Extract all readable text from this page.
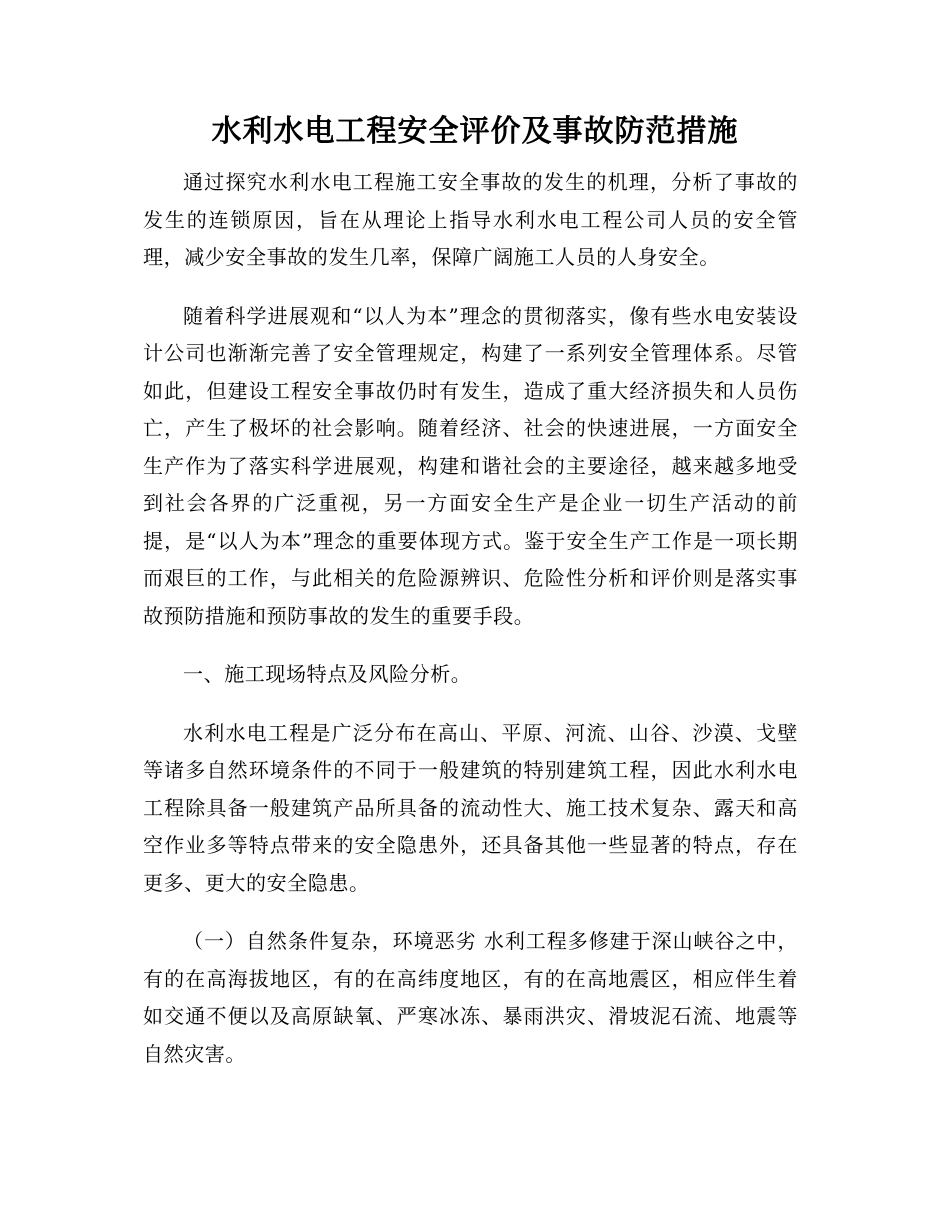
水利水电工程安全评价及事故防范措施

通过探究水利水电工程施工安全事故的发生的机理，分析了事故的发生的连锁原因，旨在从理论上指导水利水电工程公司人员的安全管理，减少安全事故的发生几率，保障广阔施工人员的人身安全。

随着科学进展观和“以人为本”理念的贯彻落实，像有些水电安装设计公司也渐渐完善了安全管理规定，构建了一系列安全管理体系。尽管如此，但建设工程安全事故仍时有发生，造成了重大经济损失和人员伤亡，产生了极坏的社会影响。随着经济、社会的快速进展，一方面安全生产作为了落实科学进展观，构建和谐社会的主要途径，越来越多地受到社会各界的广泛重视，另一方面安全生产是企业一切生产活动的前提，是“以人为本”理念的重要体现方式。鉴于安全生产工作是一项长期而艰巨的工作，与此相关的危险源辨识、危险性分析和评价则是落实事故预防措施和预防事故的发生的重要手段。

一、施工现场特点及风险分析。

水利水电工程是广泛分布在高山、平原、河流、山谷、沙漠、戈壁等诸多自然环境条件的不同于一般建筑的特别建筑工程，因此水利水电工程除具备一般建筑产品所具备的流动性大、施工技术复杂、露天和高空作业多等特点带来的安全隐患外，还具备其他一些显著的特点，存在更多、更大的安全隐患。

（一）自然条件复杂，环境恶劣 水利工程多修建于深山峡谷之中，有的在高海拔地区，有的在高纬度地区，有的在高地震区，相应伴生着如交通不便以及高原缺氧、严寒冰冻、暴雨洪灾、滑坡泥石流、地震等自然灾害。
